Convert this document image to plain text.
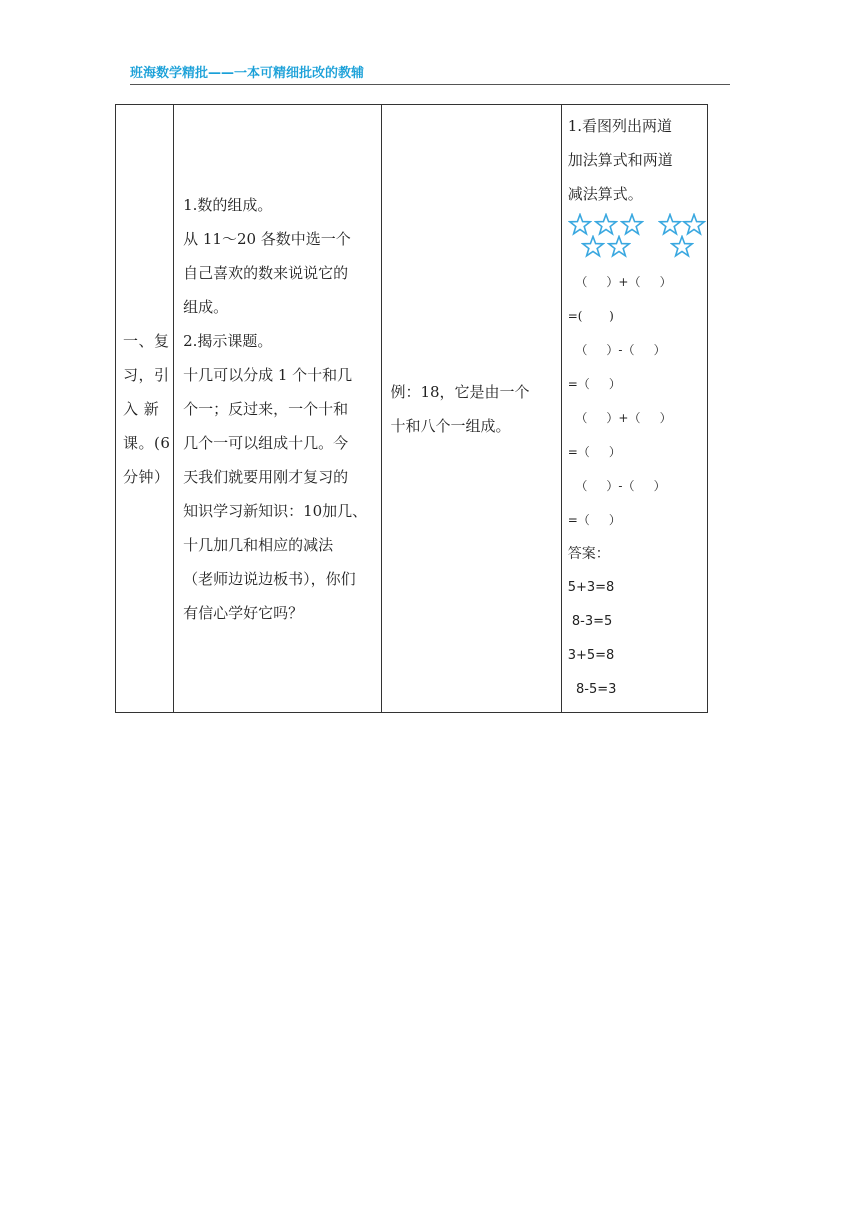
班海数学精批——一本可精细批改的教辅
一、复
习，引
入 新
课。(6
分钟）

1.数的组成。
从 11～20 各数中选一个
自己喜欢的数来说说它的
组成。
2.揭示课题。
十几可以分成 1 个十和几
个一；反过来，一个十和
几个一可以组成十几。今
天我们就要用刚才复习的
知识学习新知识：10加几、
十几加几和相应的减法
（老师边说边板书），你们
有信心学好它吗？

例：18，它是由一个
十和八个一组成。

1.看图列出两道
加法算式和两道
减法算式。
（     ）+（     ）
=(       )
（     ）-（     ）
=（     ）
（     ）+（     ）
=（     ）
（     ）-（     ）
=（     ）
答案：
5+3=8
8-3=5
3+5=8
8-5=3
